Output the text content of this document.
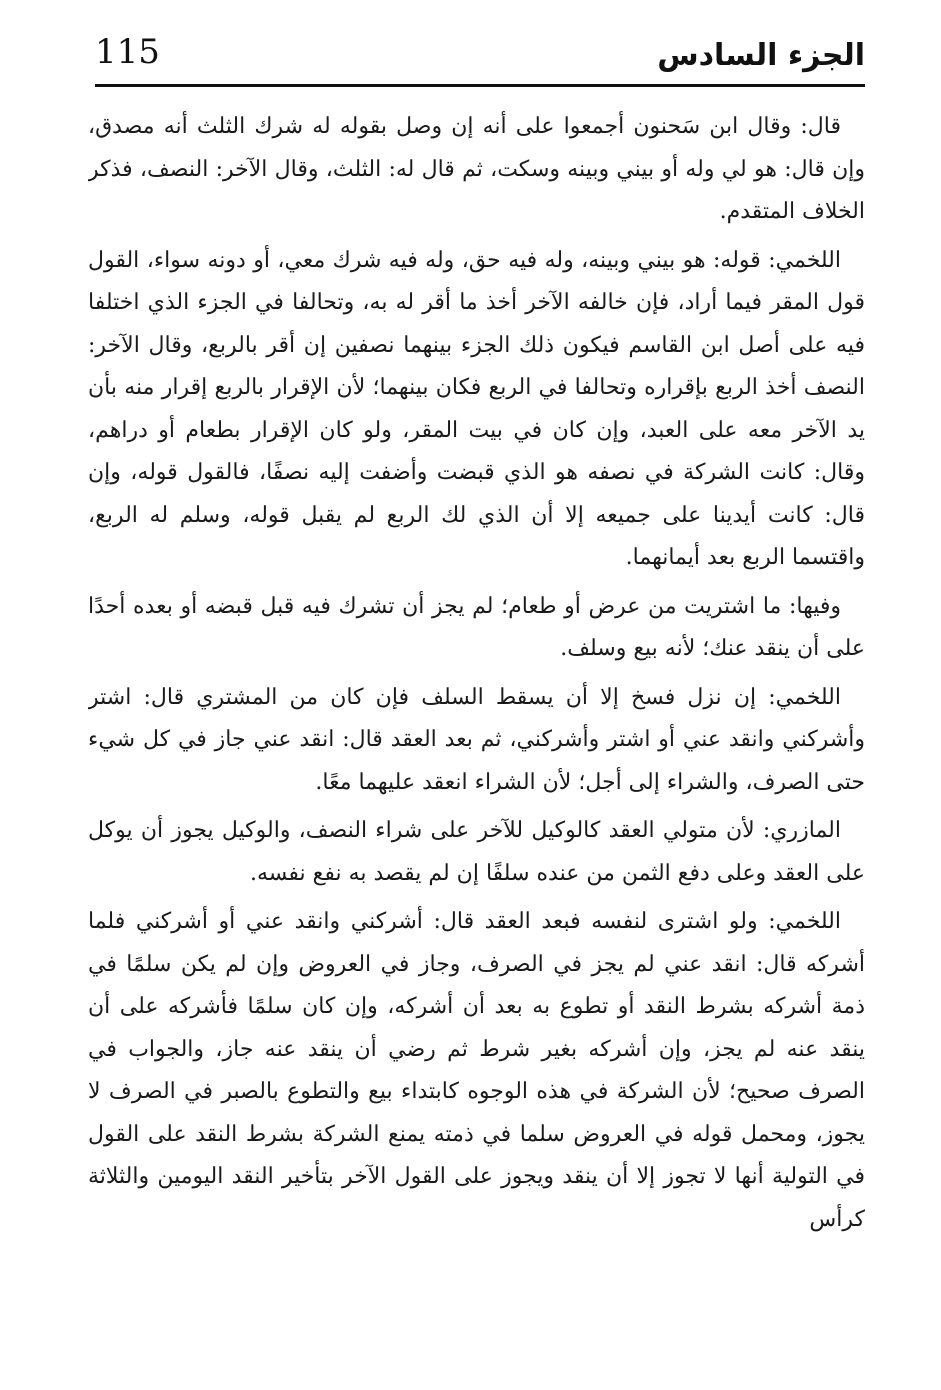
115	الجزء السادس

قال: وقال ابن سَحنون أجمعوا على أنه إن وصل بقوله له شرك الثلث أنه مصدق، وإن قال: هو لي وله أو بيني وبينه وسكت، ثم قال له: الثلث، وقال الآخر: النصف، فذكر الخلاف المتقدم.

اللخمي: قوله: هو بيني وبينه، وله فيه حق، وله فيه شرك معي، أو دونه سواء، القول قول المقر فيما أراد، فإن خالفه الآخر أخذ ما أقر له به، وتحالفا في الجزء الذي اختلفا فيه على أصل ابن القاسم فيكون ذلك الجزء بينهما نصفين إن أقر بالربع، وقال الآخر: النصف أخذ الربع بإقراره وتحالفا في الربع فكان بينهما؛ لأن الإقرار بالربع إقرار منه بأن يد الآخر معه على العبد، وإن كان في بيت المقر، ولو كان الإقرار بطعام أو دراهم، وقال: كانت الشركة في نصفه هو الذي قبضت وأضفت إليه نصفًا، فالقول قوله، وإن قال: كانت أيدينا على جميعه إلا أن الذي لك الربع لم يقبل قوله، وسلم له الربع، واقتسما الربع بعد أيمانهما.

وفيها: ما اشتريت من عرض أو طعام؛ لم يجز أن تشرك فيه قبل قبضه أو بعده أحدًا على أن ينقد عنك؛ لأنه بيع وسلف.

اللخمي: إن نزل فسخ إلا أن يسقط السلف فإن كان من المشتري قال: اشتر وأشركني وانقد عني أو اشتر وأشركني، ثم بعد العقد قال: انقد عني جاز في كل شيء حتى الصرف، والشراء إلى أجل؛ لأن الشراء انعقد عليهما معًا.

المازري: لأن متولي العقد كالوكيل للآخر على شراء النصف، والوكيل يجوز أن يوكل على العقد وعلى دفع الثمن من عنده سلفًا إن لم يقصد به نفع نفسه.

اللخمي: ولو اشترى لنفسه فبعد العقد قال: أشركني وانقد عني أو أشركني فلما أشركه قال: انقد عني لم يجز في الصرف، وجاز في العروض وإن لم يكن سلمًا في ذمة أشركه بشرط النقد أو تطوع به بعد أن أشركه، وإن كان سلمًا فأشركه على أن ينقد عنه لم يجز، وإن أشركه بغير شرط ثم رضي أن ينقد عنه جاز، والجواب في الصرف صحيح؛ لأن الشركة في هذه الوجوه كابتداء بيع والتطوع بالصبر في الصرف لا يجوز، ومحمل قوله في العروض سلما في ذمته يمنع الشركة بشرط النقد على القول في التولية أنها لا تجوز إلا أن ينقد ويجوز على القول الآخر بتأخير النقد اليومين والثلاثة كرأس
